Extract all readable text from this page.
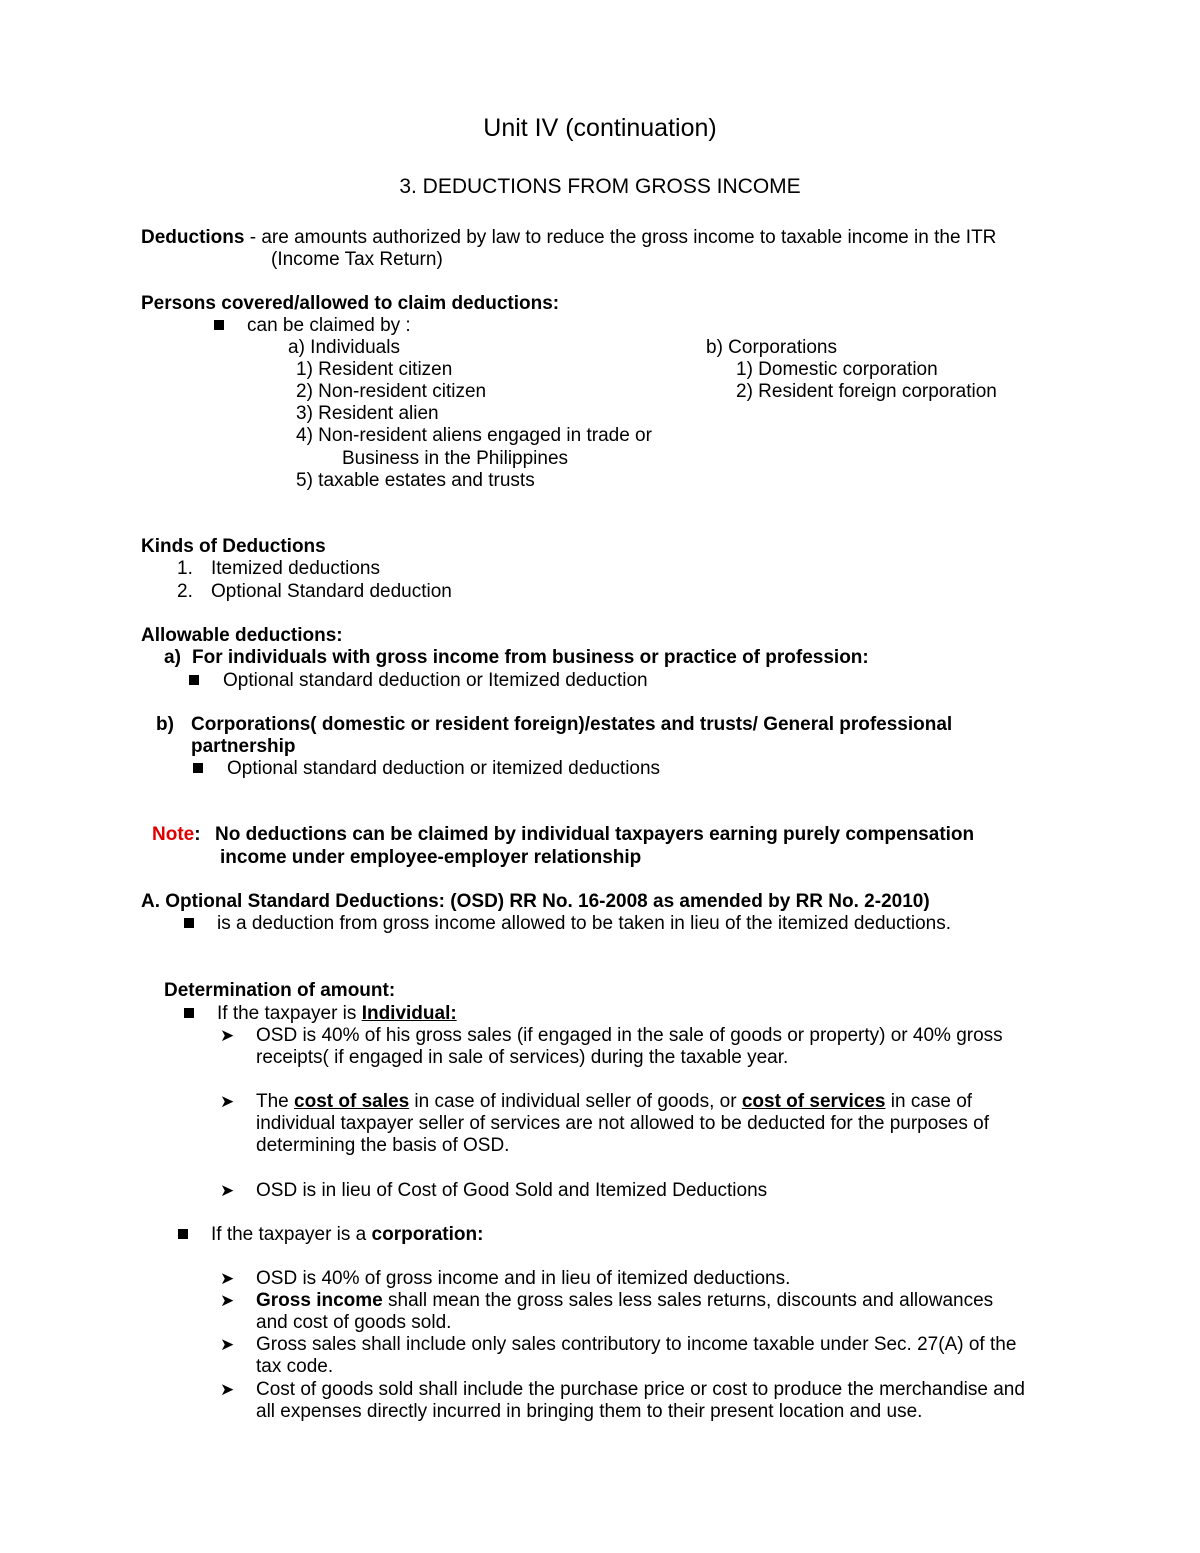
Unit IV (continuation)
3. DEDUCTIONS FROM GROSS INCOME
Deductions - are amounts authorized by law to reduce the gross income to taxable income in the ITR
(Income Tax Return)
Persons covered/allowed to claim deductions:
can be claimed by :
a) Individuals
1) Resident citizen
2) Non-resident citizen
3) Resident alien
4) Non-resident aliens engaged in trade or
Business in the Philippines
5) taxable estates and trusts
b) Corporations
1) Domestic corporation
2) Resident foreign corporation
Kinds of Deductions
1. Itemized deductions
2. Optional Standard deduction
Allowable deductions:
a) For individuals with gross income from business or practice of profession:
Optional standard deduction or Itemized deduction
b) Corporations( domestic or resident foreign)/estates and trusts/ General professional
partnership
Optional standard deduction or itemized deductions
Note: No deductions can be claimed by individual taxpayers earning purely compensation
income under employee-employer relationship
A. Optional Standard Deductions: (OSD) RR No. 16-2008 as amended by RR No. 2-2010)
is a deduction from gross income allowed to be taken in lieu of the itemized deductions.
Determination of amount:
If the taxpayer is Individual:
➤ OSD is 40% of his gross sales (if engaged in the sale of goods or property) or 40% gross
receipts( if engaged in sale of services) during the taxable year.
➤ The cost of sales in case of individual seller of goods, or cost of services in case of
individual taxpayer seller of services are not allowed to be deducted for the purposes of
determining the basis of OSD.
➤ OSD is in lieu of Cost of Good Sold and Itemized Deductions
If the taxpayer is a corporation:
➤ OSD is 40% of gross income and in lieu of itemized deductions.
➤ Gross income shall mean the gross sales less sales returns, discounts and allowances
and cost of goods sold.
➤ Gross sales shall include only sales contributory to income taxable under Sec. 27(A) of the
tax code.
➤ Cost of goods sold shall include the purchase price or cost to produce the merchandise and
all expenses directly incurred in bringing them to their present location and use.
